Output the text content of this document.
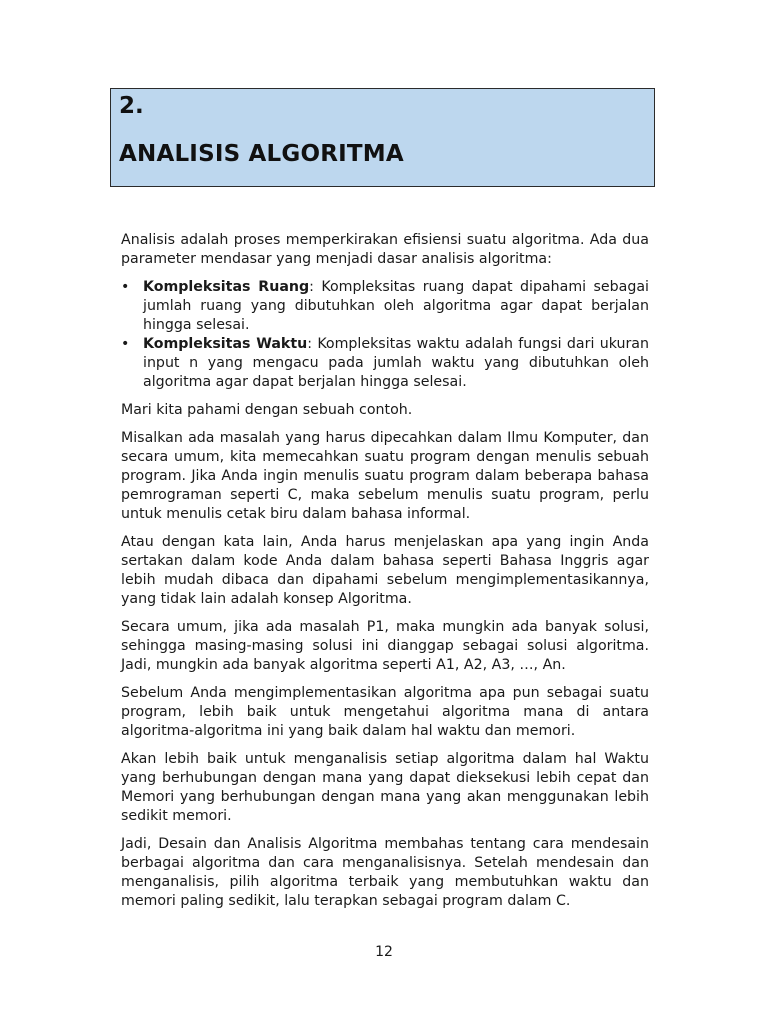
2.
ANALISIS ALGORITMA

Analisis adalah proses memperkirakan efisiensi suatu algoritma. Ada dua parameter mendasar yang menjadi dasar analisis algoritma:

• Kompleksitas Ruang: Kompleksitas ruang dapat dipahami sebagai jumlah ruang yang dibutuhkan oleh algoritma agar dapat berjalan hingga selesai.
• Kompleksitas Waktu: Kompleksitas waktu adalah fungsi dari ukuran input n yang mengacu pada jumlah waktu yang dibutuhkan oleh algoritma agar dapat berjalan hingga selesai.

Mari kita pahami dengan sebuah contoh.

Misalkan ada masalah yang harus dipecahkan dalam Ilmu Komputer, dan secara umum, kita memecahkan suatu program dengan menulis sebuah program. Jika Anda ingin menulis suatu program dalam beberapa bahasa pemrograman seperti C, maka sebelum menulis suatu program, perlu untuk menulis cetak biru dalam bahasa informal.

Atau dengan kata lain, Anda harus menjelaskan apa yang ingin Anda sertakan dalam kode Anda dalam bahasa seperti Bahasa Inggris agar lebih mudah dibaca dan dipahami sebelum mengimplementasikannya, yang tidak lain adalah konsep Algoritma.

Secara umum, jika ada masalah P1, maka mungkin ada banyak solusi, sehingga masing-masing solusi ini dianggap sebagai solusi algoritma. Jadi, mungkin ada banyak algoritma seperti A1, A2, A3, …, An.

Sebelum Anda mengimplementasikan algoritma apa pun sebagai suatu program, lebih baik untuk mengetahui algoritma mana di antara algoritma-algoritma ini yang baik dalam hal waktu dan memori.

Akan lebih baik untuk menganalisis setiap algoritma dalam hal Waktu yang berhubungan dengan mana yang dapat dieksekusi lebih cepat dan Memori yang berhubungan dengan mana yang akan menggunakan lebih sedikit memori.

Jadi, Desain dan Analisis Algoritma membahas tentang cara mendesain berbagai algoritma dan cara menganalisisnya. Setelah mendesain dan menganalisis, pilih algoritma terbaik yang membutuhkan waktu dan memori paling sedikit, lalu terapkan sebagai program dalam C.

12
